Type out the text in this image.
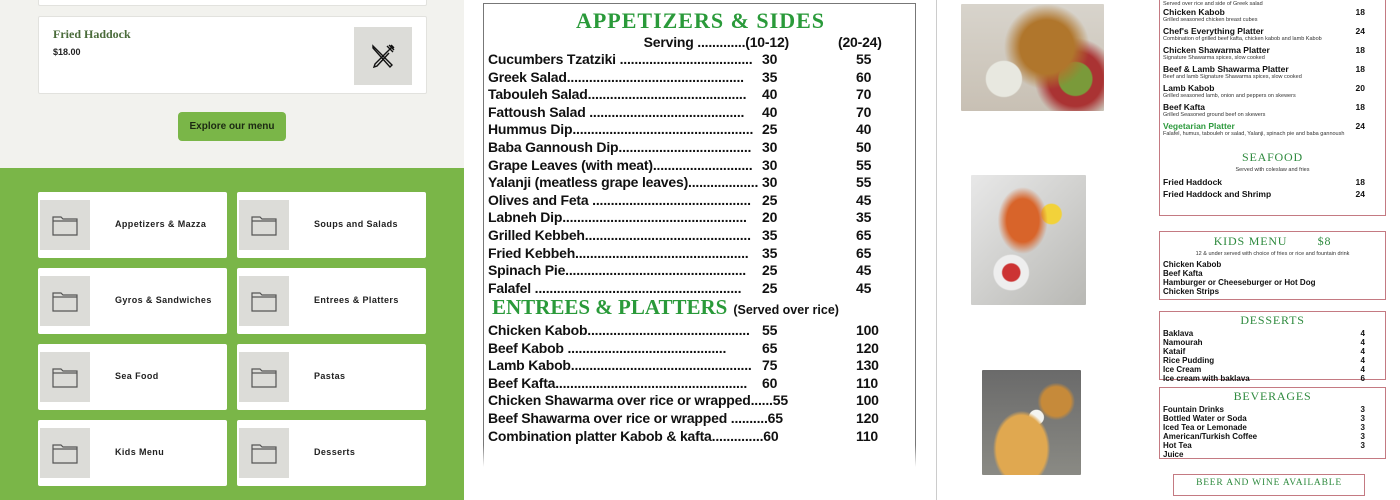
Fried Haddock
$18.00
Explore our menu
Appetizers & Mazza	Soups and Salads
Gyros & Sandwiches	Entrees & Platters
Sea Food	Pastas
Kids Menu	Desserts
APPETIZERS & SIDES
Serving .............(10-12)	(20-24)
Cucumbers Tzatziki .................................... 30	55
Greek Salad................................................ 35	60
Tabouleh Salad........................................... 40	70
Fattoush Salad .......................................... 40	70
Hummus Dip................................................. 25	40
Baba Gannoush Dip.................................... 30	50
Grape Leaves (with meat)........................... 30	55
Yalanji (meatless grape leaves)................... 30	55
Olives and Feta ........................................... 25	45
Labneh Dip.................................................. 20	35
Grilled Kebbeh............................................. 35	65
Fried Kebbeh............................................... 35	65
Spinach Pie................................................. 25	45
Falafel ........................................................ 25	45
ENTREES & PLATTERS (Served over rice)
Chicken Kabob............................................ 55	100
Beef Kabob ...........................................	65	120
Lamb Kabob................................................. 75	130
Beef Kafta.................................................... 60	110
Chicken Shawarma over rice or wrapped......55	100
Beef Shawarma over rice or wrapped ..........65	120
Combination platter Kabob & kafta..............60	110
Served over rice and side of Greek salad
Chicken Kabob	18
Grilled seasoned chicken breast cubes
Chef's Everything Platter	24
Combination of grilled beef kafta, chicken kabob and lamb Kabob
Chicken Shawarma Platter	18
Signature Shawarma spices, slow cooked
Beef & Lamb Shawarma Platter	18
Beef and lamb Signature Shawarma spices, slow cooked
Lamb Kabob	20
Grilled seasoned lamb, onion and peppers on skewers
Beef Kafta	18
Grilled Seasoned ground beef on skewers
Vegetarian Platter	24
Falafel, humus, tabouleh or salad, Yalanji, spinach pie and baba gannoush
SEAFOOD
Served with coleslaw and fries
Fried Haddock	18
Fried Haddock and Shrimp	24
KIDS MENU        $8
12 & under served with choice of fries or rice and fountain drink
Chicken Kabob
Beef Kafta
Hamburger or Cheeseburger or Hot Dog
Chicken Strips
DESSERTS
Baklava	4
Namourah	4
Kataif	4
Rice Pudding	4
Ice Cream	4
Ice cream with baklava	6
BEVERAGES
Fountain Drinks	3
Bottled Water or Soda	3
Iced Tea or Lemonade	3
American/Turkish Coffee	3
Hot Tea	3
Juice
BEER AND WINE AVAILABLE
